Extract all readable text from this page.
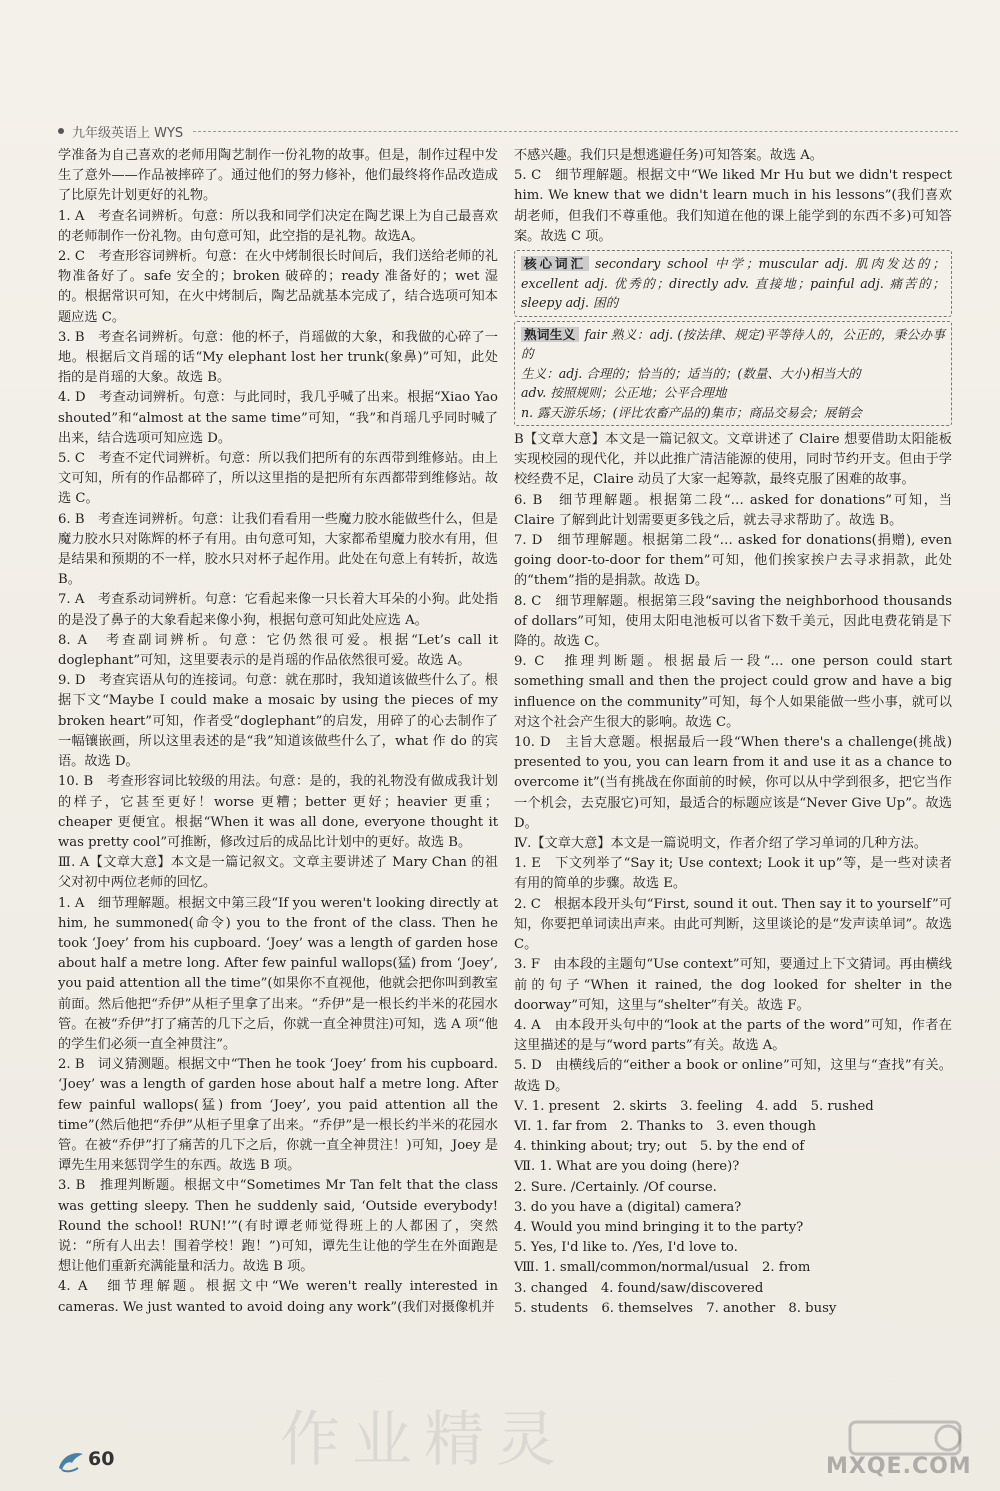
九年级英语上 WYS

学准备为自己喜欢的老师用陶艺制作一份礼物的故事。但是，制作过程中发生了意外——作品被摔碎了。通过他们的努力修补，他们最终将作品改造成了比原先计划更好的礼物。

1. A　考查名词辨析。句意：所以我和同学们决定在陶艺课上为自己最喜欢的老师制作一份礼物。由句意可知，此空指的是礼物。故选A。

2. C　考查形容词辨析。句意：在火中烤制很长时间后，我们送给老师的礼物准备好了。safe 安全的；broken 破碎的；ready 准备好的；wet 湿的。根据常识可知，在火中烤制后，陶艺品就基本完成了，结合选项可知本题应选 C。

3. B　考查名词辨析。句意：他的杯子，肖瑶做的大象，和我做的心碎了一地。根据后文肖瑶的话“My elephant lost her trunk(象鼻)”可知，此处指的是肖瑶的大象。故选 B。

4. D　考查动词辨析。句意：与此同时，我几乎喊了出来。根据“Xiao Yao shouted”和“almost at the same time”可知，“我”和肖瑶几乎同时喊了出来，结合选项可知应选 D。

5. C　考查不定代词辨析。句意：所以我们把所有的东西带到维修站。由上文可知，所有的作品都碎了，所以这里指的是把所有东西都带到维修站。故选 C。

6. B　考查连词辨析。句意：让我们看看用一些魔力胶水能做些什么，但是魔力胶水只对陈辉的杯子有用。由句意可知，大家都希望魔力胶水有用，但是结果和预期的不一样，胶水只对杯子起作用。此处在句意上有转折，故选 B。

7. A　考查系动词辨析。句意：它看起来像一只长着大耳朵的小狗。此处指的是没了鼻子的大象看起来像小狗，根据句意可知此处应选 A。

8. A　考查副词辨析。句意：它仍然很可爱。根据“Let’s call it doglephant”可知，这里要表示的是肖瑶的作品依然很可爱。故选 A。

9. D　考查宾语从句的连接词。句意：就在那时，我知道该做些什么了。根据下文“Maybe I could make a mosaic by using the pieces of my broken heart”可知，作者受“doglephant”的启发，用碎了的心去制作了一幅镶嵌画，所以这里表述的是“我”知道该做些什么了，what 作 do 的宾语。故选 D。

10. B　考查形容词比较级的用法。句意：是的，我的礼物没有做成我计划的样子，它甚至更好！worse 更糟；better 更好；heavier 更重；cheaper 更便宜。根据“When it was all done, everyone thought it was pretty cool”可推断，修改过后的成品比计划中的更好。故选 B。

Ⅲ. A【文章大意】本文是一篇记叙文。文章主要讲述了 Mary Chan 的祖父对初中两位老师的回忆。

1. A　细节理解题。根据文中第三段“If you weren't looking directly at him, he summoned(命令) you to the front of the class. Then he took ‘Joey’ from his cupboard. ‘Joey’ was a length of garden hose about half a metre long. After few painful wallops(猛) from ‘Joey’, you paid attention all the time”(如果你不直视他，他就会把你叫到教室前面。然后他把“乔伊”从柜子里拿了出来。“乔伊”是一根长约半米的花园水管。在被“乔伊”打了痛苦的几下之后，你就一直全神贯注)可知，选 A 项“他的学生们必须一直全神贯注”。

2. B　词义猜测题。根据文中“Then he took ‘Joey’ from his cupboard. ‘Joey’ was a length of garden hose about half a metre long. After few painful wallops(猛) from ‘Joey’, you paid attention all the time”(然后他把“乔伊”从柜子里拿了出来。“乔伊”是一根长约半米的花园水管。在被“乔伊”打了痛苦的几下之后，你就一直全神贯注！)可知，Joey 是谭先生用来惩罚学生的东西。故选 B 项。

3. B　推理判断题。根据文中“Sometimes Mr Tan felt that the class was getting sleepy. Then he suddenly said, ‘Outside everybody! Round the school! RUN!’”(有时谭老师觉得班上的人都困了，突然说：“所有人出去！围着学校！跑！”)可知，谭先生让他的学生在外面跑是想让他们重新充满能量和活力。故选 B 项。

4. A　细节理解题。根据文中“We weren't really interested in cameras. We just wanted to avoid doing any work”(我们对摄像机并

不感兴趣。我们只是想逃避任务)可知答案。故选 A。

5. C　细节理解题。根据文中“We liked Mr Hu but we didn't respect him. We knew that we didn't learn much in his lessons”(我们喜欢胡老师，但我们不尊重他。我们知道在他的课上能学到的东西不多)可知答案。故选 C 项。

核心词汇 secondary school 中学；muscular adj. 肌肉发达的；excellent adj. 优秀的；directly adv. 直接地；painful adj. 痛苦的；sleepy adj. 困的

熟词生义 fair 熟义：adj. (按法律、规定)平等待人的，公正的，秉公办事的

生义：adj. 合理的；恰当的；适当的；(数量、大小)相当大的

adv. 按照规则；公正地；公平合理地

n. 露天游乐场；(评比农畜产品的)集市；商品交易会；展销会

B【文章大意】本文是一篇记叙文。文章讲述了 Claire 想要借助太阳能板实现校园的现代化，并以此推广清洁能源的使用，同时节约开支。但由于学校经费不足，Claire 动员了大家一起筹款，最终克服了困难的故事。

6. B　细节理解题。根据第二段“… asked for donations”可知，当 Claire 了解到此计划需要更多钱之后，就去寻求帮助了。故选 B。

7. D　细节理解题。根据第二段“… asked for donations(捐赠), even going door-to-door for them”可知，他们挨家挨户去寻求捐款，此处的“them”指的是捐款。故选 D。

8. C　细节理解题。根据第三段“saving the neighborhood thousands of dollars”可知，使用太阳电池板可以省下数千美元，因此电费花销是下降的。故选 C。

9. C　推理判断题。根据最后一段“… one person could start something small and then the project could grow and have a big influence on the community”可知，每个人如果能做一些小事，就可以对这个社会产生很大的影响。故选 C。

10. D　主旨大意题。根据最后一段“When there's a challenge(挑战) presented to you, you can learn from it and use it as a chance to overcome it”(当有挑战在你面前的时候，你可以从中学到很多，把它当作一个机会，去克服它)可知，最适合的标题应该是“Never Give Up”。故选 D。

Ⅳ.【文章大意】本文是一篇说明文，作者介绍了学习单词的几种方法。

1. E　下文列举了“Say it; Use context; Look it up”等，是一些对读者有用的简单的步骤。故选 E。

2. C　根据本段开头句“First, sound it out. Then say it to yourself”可知，你要把单词读出声来。由此可判断，这里谈论的是“发声读单词”。故选 C。

3. F　由本段的主题句“Use context”可知，要通过上下文猜词。再由横线前的句子“When it rained, the dog looked for shelter in the doorway”可知，这里与“shelter”有关。故选 F。

4. A　由本段开头句中的“look at the parts of the word”可知，作者在这里描述的是与“word parts”有关。故选 A。

5. D　由横线后的“either a book or online”可知，这里与“查找”有关。故选 D。

Ⅴ. 1. present　2. skirts　3. feeling　4. add　5. rushed

Ⅵ. 1. far from　2. Thanks to　3. even though

4. thinking about; try; out　5. by the end of

Ⅶ. 1. What are you doing (here)?

2. Sure. /Certainly. /Of course.

3. do you have a (digital) camera?

4. Would you mind bringing it to the party?

5. Yes, I'd like to. /Yes, I'd love to.

Ⅷ. 1. small/common/normal/usual　2. from

3. changed　4. found/saw/discovered

5. students　6. themselves　7. another　8. busy

60	作业精灵	MXQE.COM
